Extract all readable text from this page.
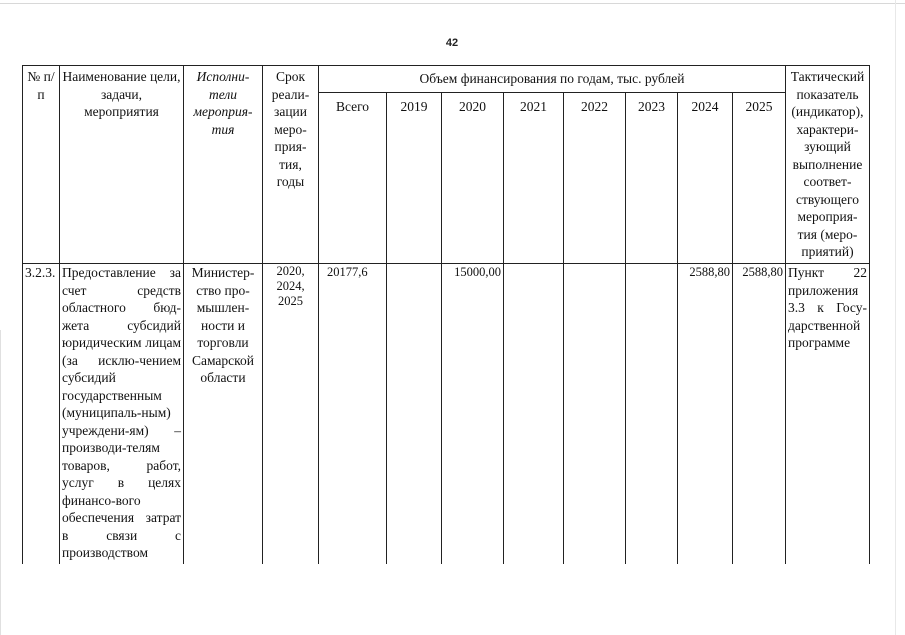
42
№ п/п	Наименование цели, задачи, мероприятия	Исполни-тели мероприя-тия	Срок реали-зации меро-прия-тия, годы	Объем финансирования по годам, тыс. рублей								Тактический показатель (индикатор), характери-зующий выполнение соответ-ствующего мероприя-тия (меро-приятий)
				Всего	2019	2020	2021	2022	2023	2024	2025	
3.2.3.	Предоставление за счет средств областного бюд-жета субсидий юридическим лицам (за исклю-чением субсидий государственным (муниципаль-ным) учреждени-ям) – производи-телям товаров, работ, услуг в целях финансо-вого обеспечения затрат в связи с производством	Министер-ство про-мышлен-ности и торговли Самарской области	2020, 2024, 2025	20177,6		15000,00				2588,80	2588,80	Пункт 22 приложения 3.3 к Госу-дарственной программе
